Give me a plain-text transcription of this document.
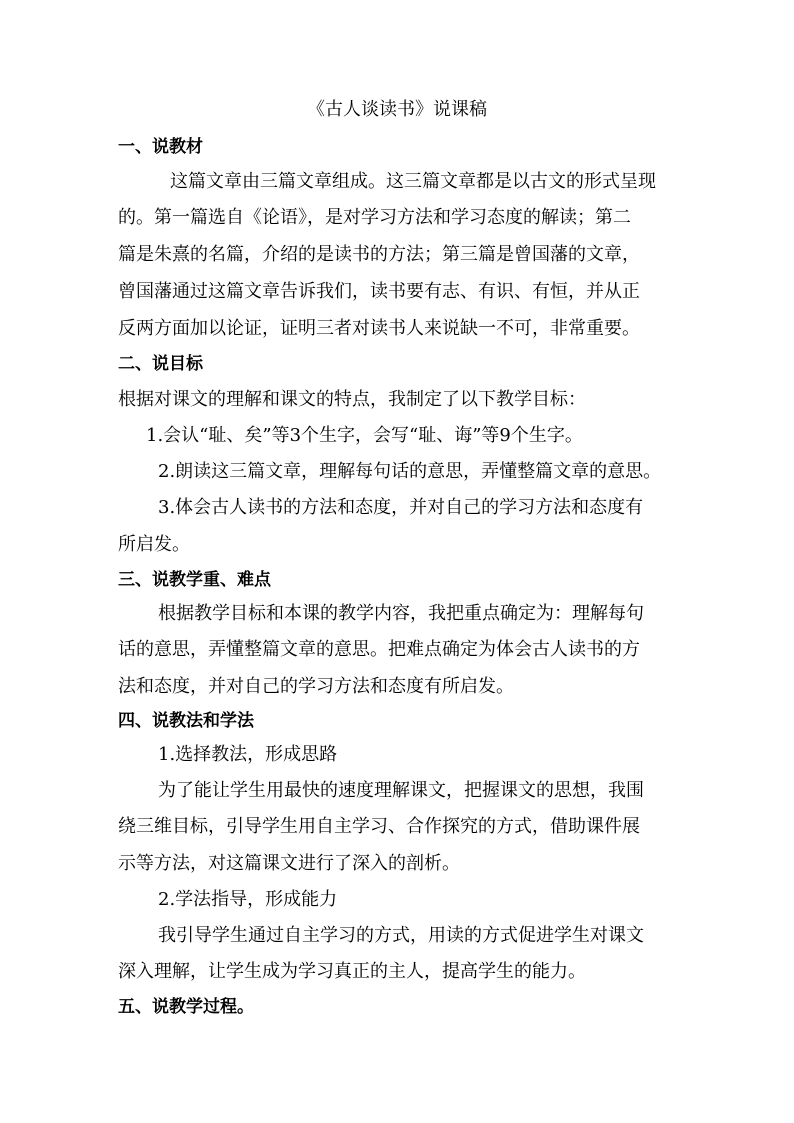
《古人谈读书》说课稿
一、说教材
这篇文章由三篇文章组成。这三篇文章都是以古文的形式呈现
的。第一篇选自《论语》，是对学习方法和学习态度的解读；第二
篇是朱熹的名篇，介绍的是读书的方法；第三篇是曾国藩的文章，
曾国藩通过这篇文章告诉我们，读书要有志、有识、有恒，并从正
反两方面加以论证，证明三者对读书人来说缺一不可，非常重要。
二、说目标
根据对课文的理解和课文的特点，我制定了以下教学目标：
1.会认“耻、矣”等3个生字，会写“耻、诲”等9个生字。
2.朗读这三篇文章，理解每句话的意思，弄懂整篇文章的意思。
3.体会古人读书的方法和态度，并对自己的学习方法和态度有
所启发。
三、说教学重、难点
根据教学目标和本课的教学内容，我把重点确定为：理解每句
话的意思，弄懂整篇文章的意思。把难点确定为体会古人读书的方
法和态度，并对自己的学习方法和态度有所启发。
四、说教法和学法
1.选择教法，形成思路
为了能让学生用最快的速度理解课文，把握课文的思想，我围
绕三维目标，引导学生用自主学习、合作探究的方式，借助课件展
示等方法，对这篇课文进行了深入的剖析。
2.学法指导，形成能力
我引导学生通过自主学习的方式，用读的方式促进学生对课文
深入理解，让学生成为学习真正的主人，提高学生的能力。
五、说教学过程。
